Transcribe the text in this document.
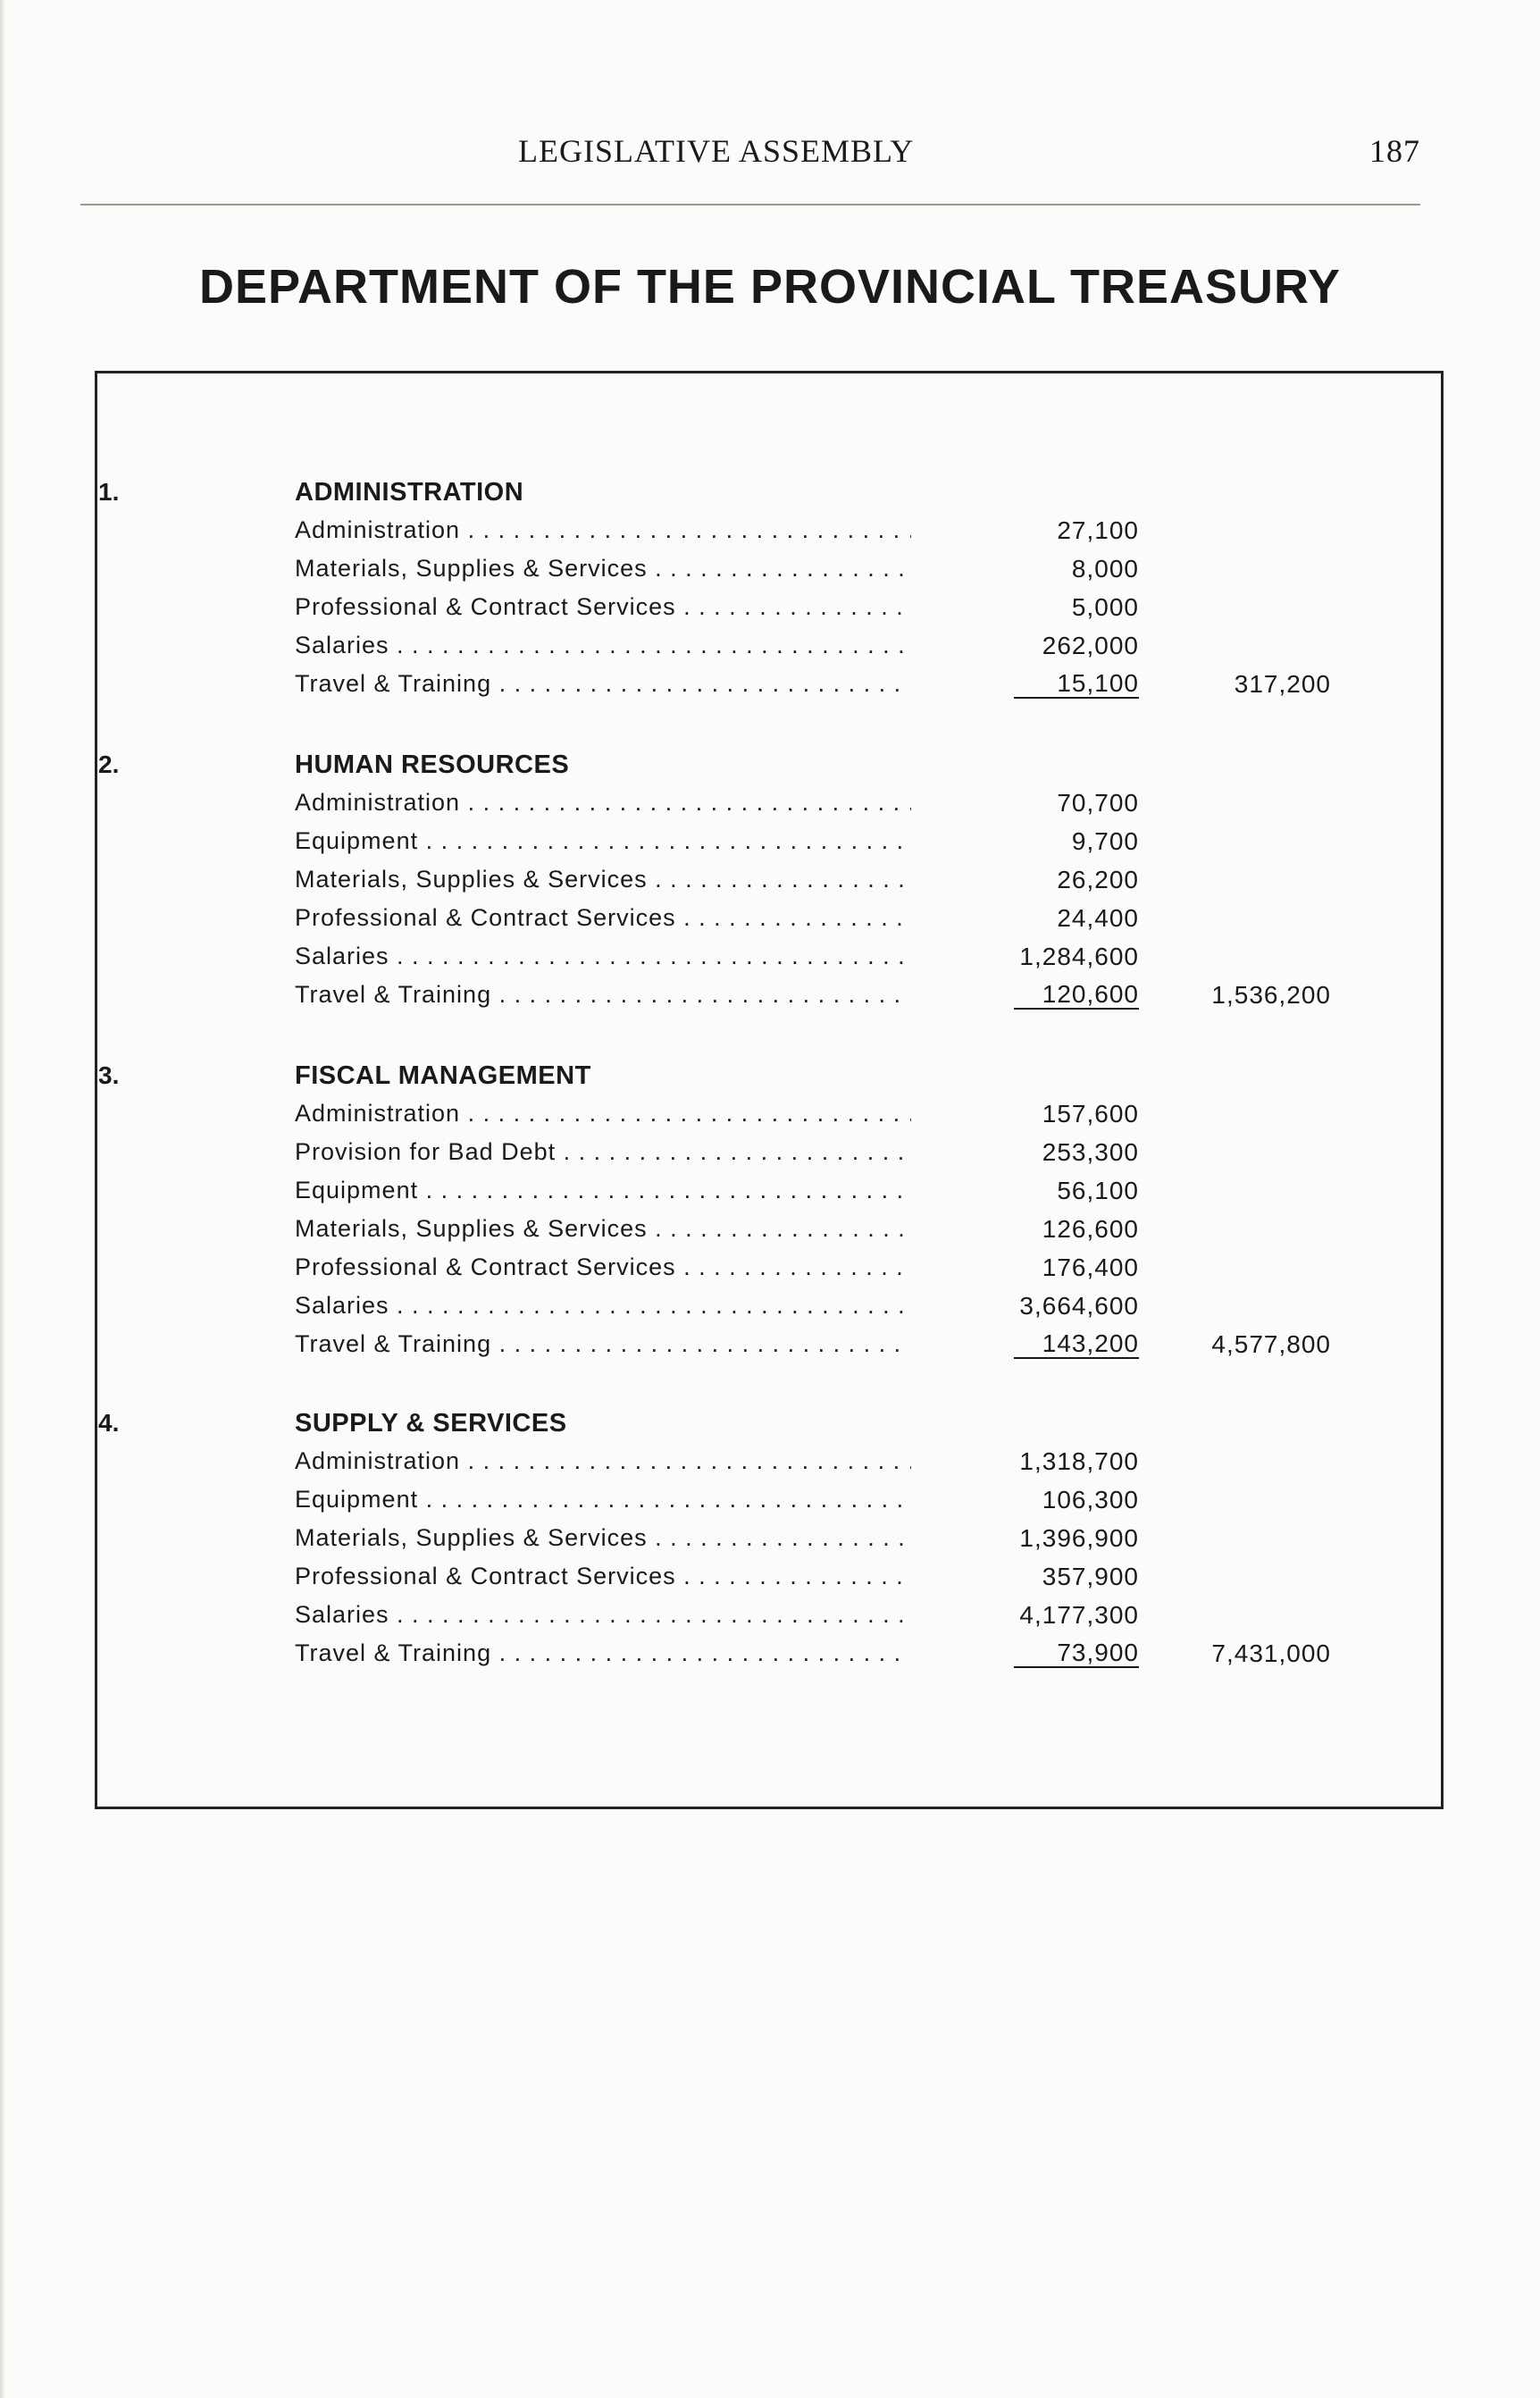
LEGISLATIVE ASSEMBLY	187
DEPARTMENT OF THE PROVINCIAL TREASURY
1.	ADMINISTRATION
Administration . . .	27,100
Materials, Supplies & Services . . .	8,000
Professional & Contract Services . . .	5,000
Salaries . . .	262,000
Travel & Training . . .	15,100	317,200
2.	HUMAN RESOURCES
Administration . . .	70,700
Equipment . . .	9,700
Materials, Supplies & Services . . .	26,200
Professional & Contract Services . . .	24,400
Salaries . . .	1,284,600
Travel & Training . . .	120,600	1,536,200
3.	FISCAL MANAGEMENT
Administration . . .	157,600
Provision for Bad Debt . . .	253,300
Equipment . . .	56,100
Materials, Supplies & Services . . .	126,600
Professional & Contract Services . . .	176,400
Salaries . . .	3,664,600
Travel & Training . . .	143,200	4,577,800
4.	SUPPLY & SERVICES
Administration . . .	1,318,700
Equipment . . .	106,300
Materials, Supplies & Services . . .	1,396,900
Professional & Contract Services . . .	357,900
Salaries . . .	4,177,300
Travel & Training . . .	73,900	7,431,000
